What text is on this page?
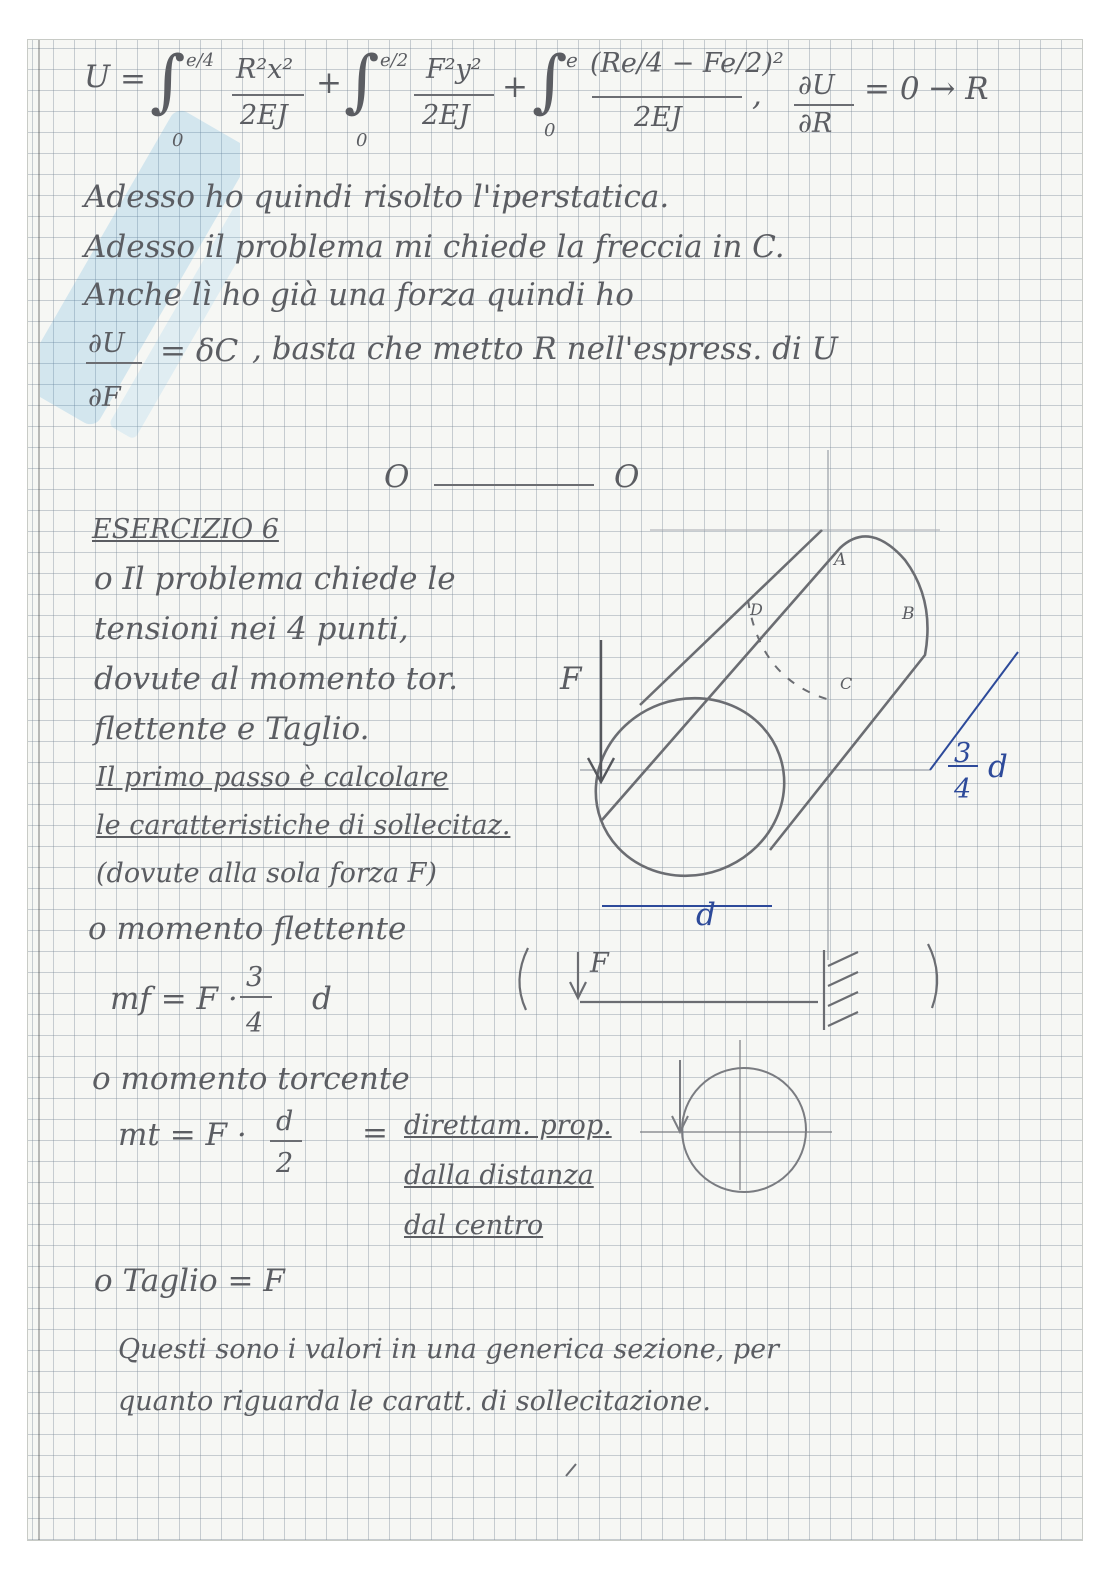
U = ∫ e/4
0
R²x²
2EJ
+ ∫ e/2
0
F²y²
2EJ
+ ∫
e
0
(Re/4 − Fe/2)²
2EJ
, ∂U
∂R
= 0 → R
Adesso ho quindi risolto l'iperstatica.
Adesso il problema mi chiede la freccia in C.
Anche lì ho già una forza quindi ho
∂U
∂F
= δC , basta che metto R nell'espress. di U
O	O
ESERCIZIO 6
o Il problema chiede le
tensioni nei 4 punti,
dovute al momento tor.
flettente e Taglio.
Il primo passo è calcolare
le caratteristiche di sollecitaz.
(dovute alla sola forza F)
o momento flettente
mf = F ·
3
4
d
o momento torcente
mt = F · d
2
= direttam. prop.
dalla distanza
dal centro
o Taglio = F
Questi sono i valori in una generica sezione, per
quanto riguarda le caratt. di sollecitazione.
F
A
B
C
D
3
4
d
d
F
